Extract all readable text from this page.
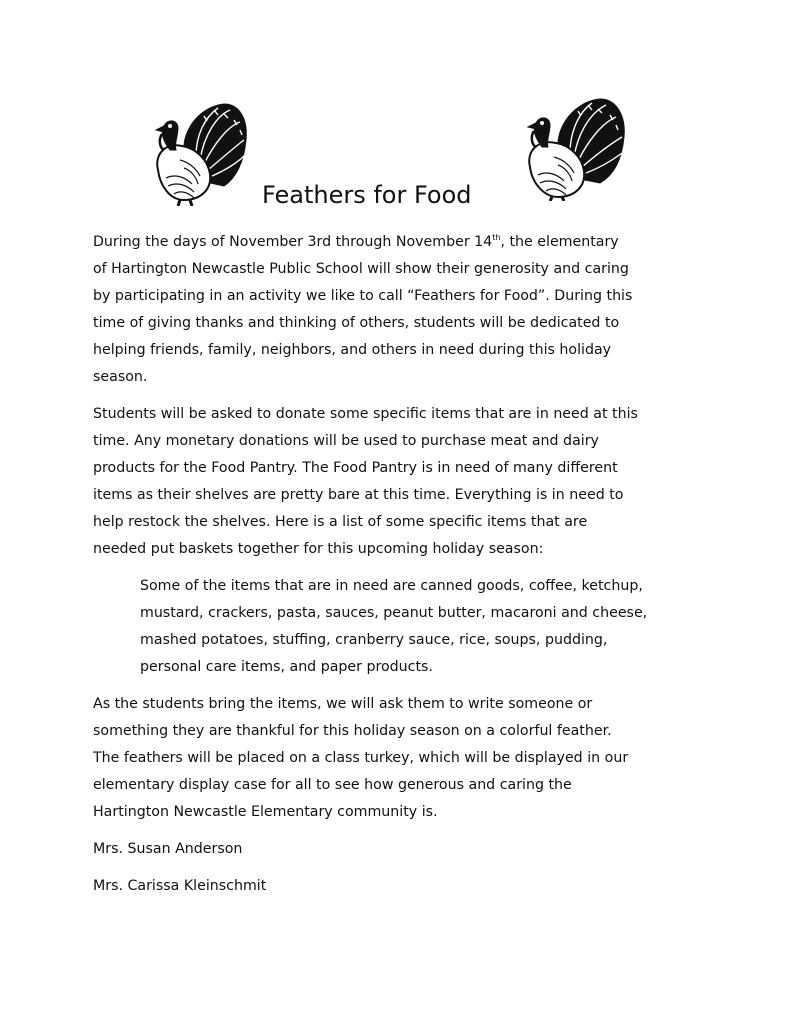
Feathers for Food
During the days of November 3rd through November 14th, the elementary
of Hartington Newcastle Public School will show their generosity and caring
by participating in an activity we like to call “Feathers for Food”. During this
time of giving thanks and thinking of others, students will be dedicated to
helping friends, family, neighbors, and others in need during this holiday
season.
Students will be asked to donate some specific items that are in need at this
time. Any monetary donations will be used to purchase meat and dairy
products for the Food Pantry. The Food Pantry is in need of many different
items as their shelves are pretty bare at this time. Everything is in need to
help restock the shelves. Here is a list of some specific items that are
needed put baskets together for this upcoming holiday season:
Some of the items that are in need are canned goods, coffee, ketchup,
mustard, crackers, pasta, sauces, peanut butter, macaroni and cheese,
mashed potatoes, stuffing, cranberry sauce, rice, soups, pudding,
personal care items, and paper products.
As the students bring the items, we will ask them to write someone or
something they are thankful for this holiday season on a colorful feather.
The feathers will be placed on a class turkey, which will be displayed in our
elementary display case for all to see how generous and caring the
Hartington Newcastle Elementary community is.
Mrs. Susan Anderson
Mrs. Carissa Kleinschmit
